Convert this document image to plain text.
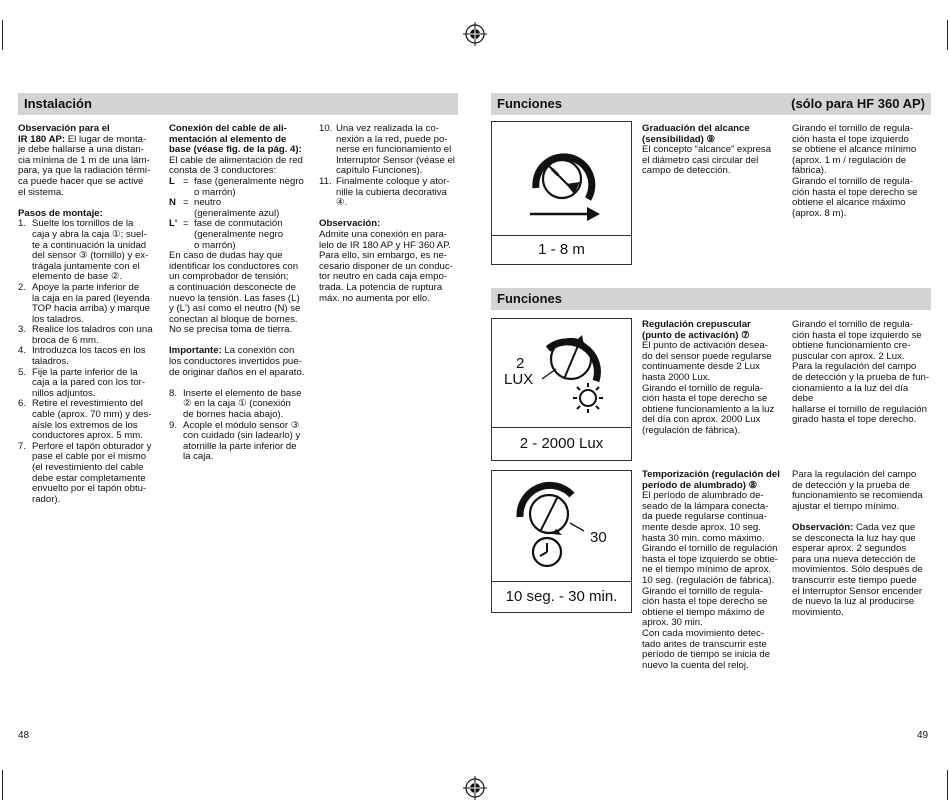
Instalación

Observación para el

IR 180 AP: El lugar de monta-

je debe hallarse a una distan-

cia mínima de 1 m de una lám-

para, ya que la radiación térmi-

ca puede hacer que se active

el sistema.

Pasos de montaje:

1. Suelte los tornillos de la

caja y abra la caja ①; suel-

te a continuación la unidad

del sensor ③ (tornillo) y ex-

trágala juntamente con el

elemento de base ②.

2. Apoye la parte inferior de

la caja en la pared (leyenda

TOP hacia arriba) y marque

los taladros.

3. Realice los taladros con una

broca de 6 mm.

4. Introduzca los tacos en los

taladros.

5. Fije la parte inferior de la

caja a la pared con los tor-

nillos adjuntos.

6. Retire el revestimiento del

cable (aprox. 70 mm) y des-

aísle los extremos de los

conductores aprox. 5 mm.

7. Perfore el tapón obturador y

pase el cable por el mismo

(el revestimiento del cable

debe estar completamente

envuelto por el tapón obtu-

rador).

Conexión del cable de ali-

mentación al elemento de

base (véase fig. de la pág. 4):

El cable de alimentación de red

consta de 3 conductores:

L = fase (generalmente negro

o marrón)

N = neutro

(generalmente azul)

L' = fase de conmutación

(generalmente negro

o marrón)

En caso de dudas hay que

identificar los conductores con

un comprobador de tensión;

a continuación desconecte de

nuevo la tensión. Las fases (L)

y (L') así como el neutro (N) se

conectan al bloque de bornes.

No se precisa toma de tierra.

Importante: La conexión con

los conductores invertidos pue-

de originar daños en el aparato.

8. Inserte el elemento de base

② en la caja ① (conexión

de bornes hacia abajo).

9. Acople el módulo sensor ③

con cuidado (sin ladearlo) y

atornille la parte inferior de

la caja.

10. Una vez realizada la co-

nexión a la red, puede po-

nerse en funcionamiento el

Interruptor Sensor (véase el

capítulo Funciones).

11. Finalmente coloque y ator-

nille la cubierta decorativa

④.

Observación:

Admite una conexión en para-

lelo de IR 180 AP y HF 360 AP.

Para ello, sin embargo, es ne-

cesario disponer de un conduc-

tor neutro en cada caja empo-

trada. La potencia de ruptura

máx. no aumenta por ello.

48
Funciones	(sólo para HF 360 AP)
1 - 8 m

Graduación del alcance

(sensibilidad) ⑨

El concepto “alcance” expresa

el diámetro casi circular del

campo de detección.

Girando el tornillo de regula-

ción hasta el tope izquierdo

se obtiene el alcance mínimo

(aprox. 1 m / regulación de

fábrica).

Girando el tornillo de regula-

ción hasta el tope derecho se

obtiene el alcance máximo

(aprox. 8 m).

Funciones
2
LUX
2 - 2000 Lux

Regulación crepuscular

(punto de activación) ⑦

El punto de activación desea-

do del sensor puede regularse

continuamente desde 2 Lux

hasta 2000 Lux.

Girando el tornillo de regula-

ción hasta el tope derecho se

obtiene funcionamiento a la luz

del día con aprox. 2000 Lux

(regulación de fábrica).

Girando el tornillo de regula-

ción hasta el tope izquierdo se

obtiene funcionamiento cre-

puscular con aprox. 2 Lux.

Para la regulación del campo

de detección y la prueba de fun-

cionamiento a la luz del día debe

hallarse el tornillo de regulación

girado hasta el tope derecho.

30
10 seg. - 30 min.

Temporización (regulación del

período de alumbrado) ⑧

El período de alumbrado de-

seado de la lámpara conecta-

da puede regularse continua-

mente desde aprox. 10 seg.

hasta 30 min. como máximo.

Girando el tornillo de regulación

hasta el tope izquierdo se obtie-

ne el tiempo mínimo de aprox.

10 seg. (regulación de fábrica).

Girando el tornillo de regula-

ción hasta el tope derecho se

obtiene el tiempo máximo de

aprox. 30 min.

Con cada movimiento detec-

tado antes de transcurrir este

período de tiempo se inicia de

nuevo la cuenta del reloj.

Para la regulación del campo

de detección y la prueba de

funcionamiento se recomienda

ajustar el tiempo mínimo.

Observación: Cada vez que

se desconecta la luz hay que

esperar aprox. 2 segundos

para una nueva detección de

movimientos. Sólo después de

transcurrir este tiempo puede

el Interruptor Sensor encender

de nuevo la luz al producirse

movimiento.

49
